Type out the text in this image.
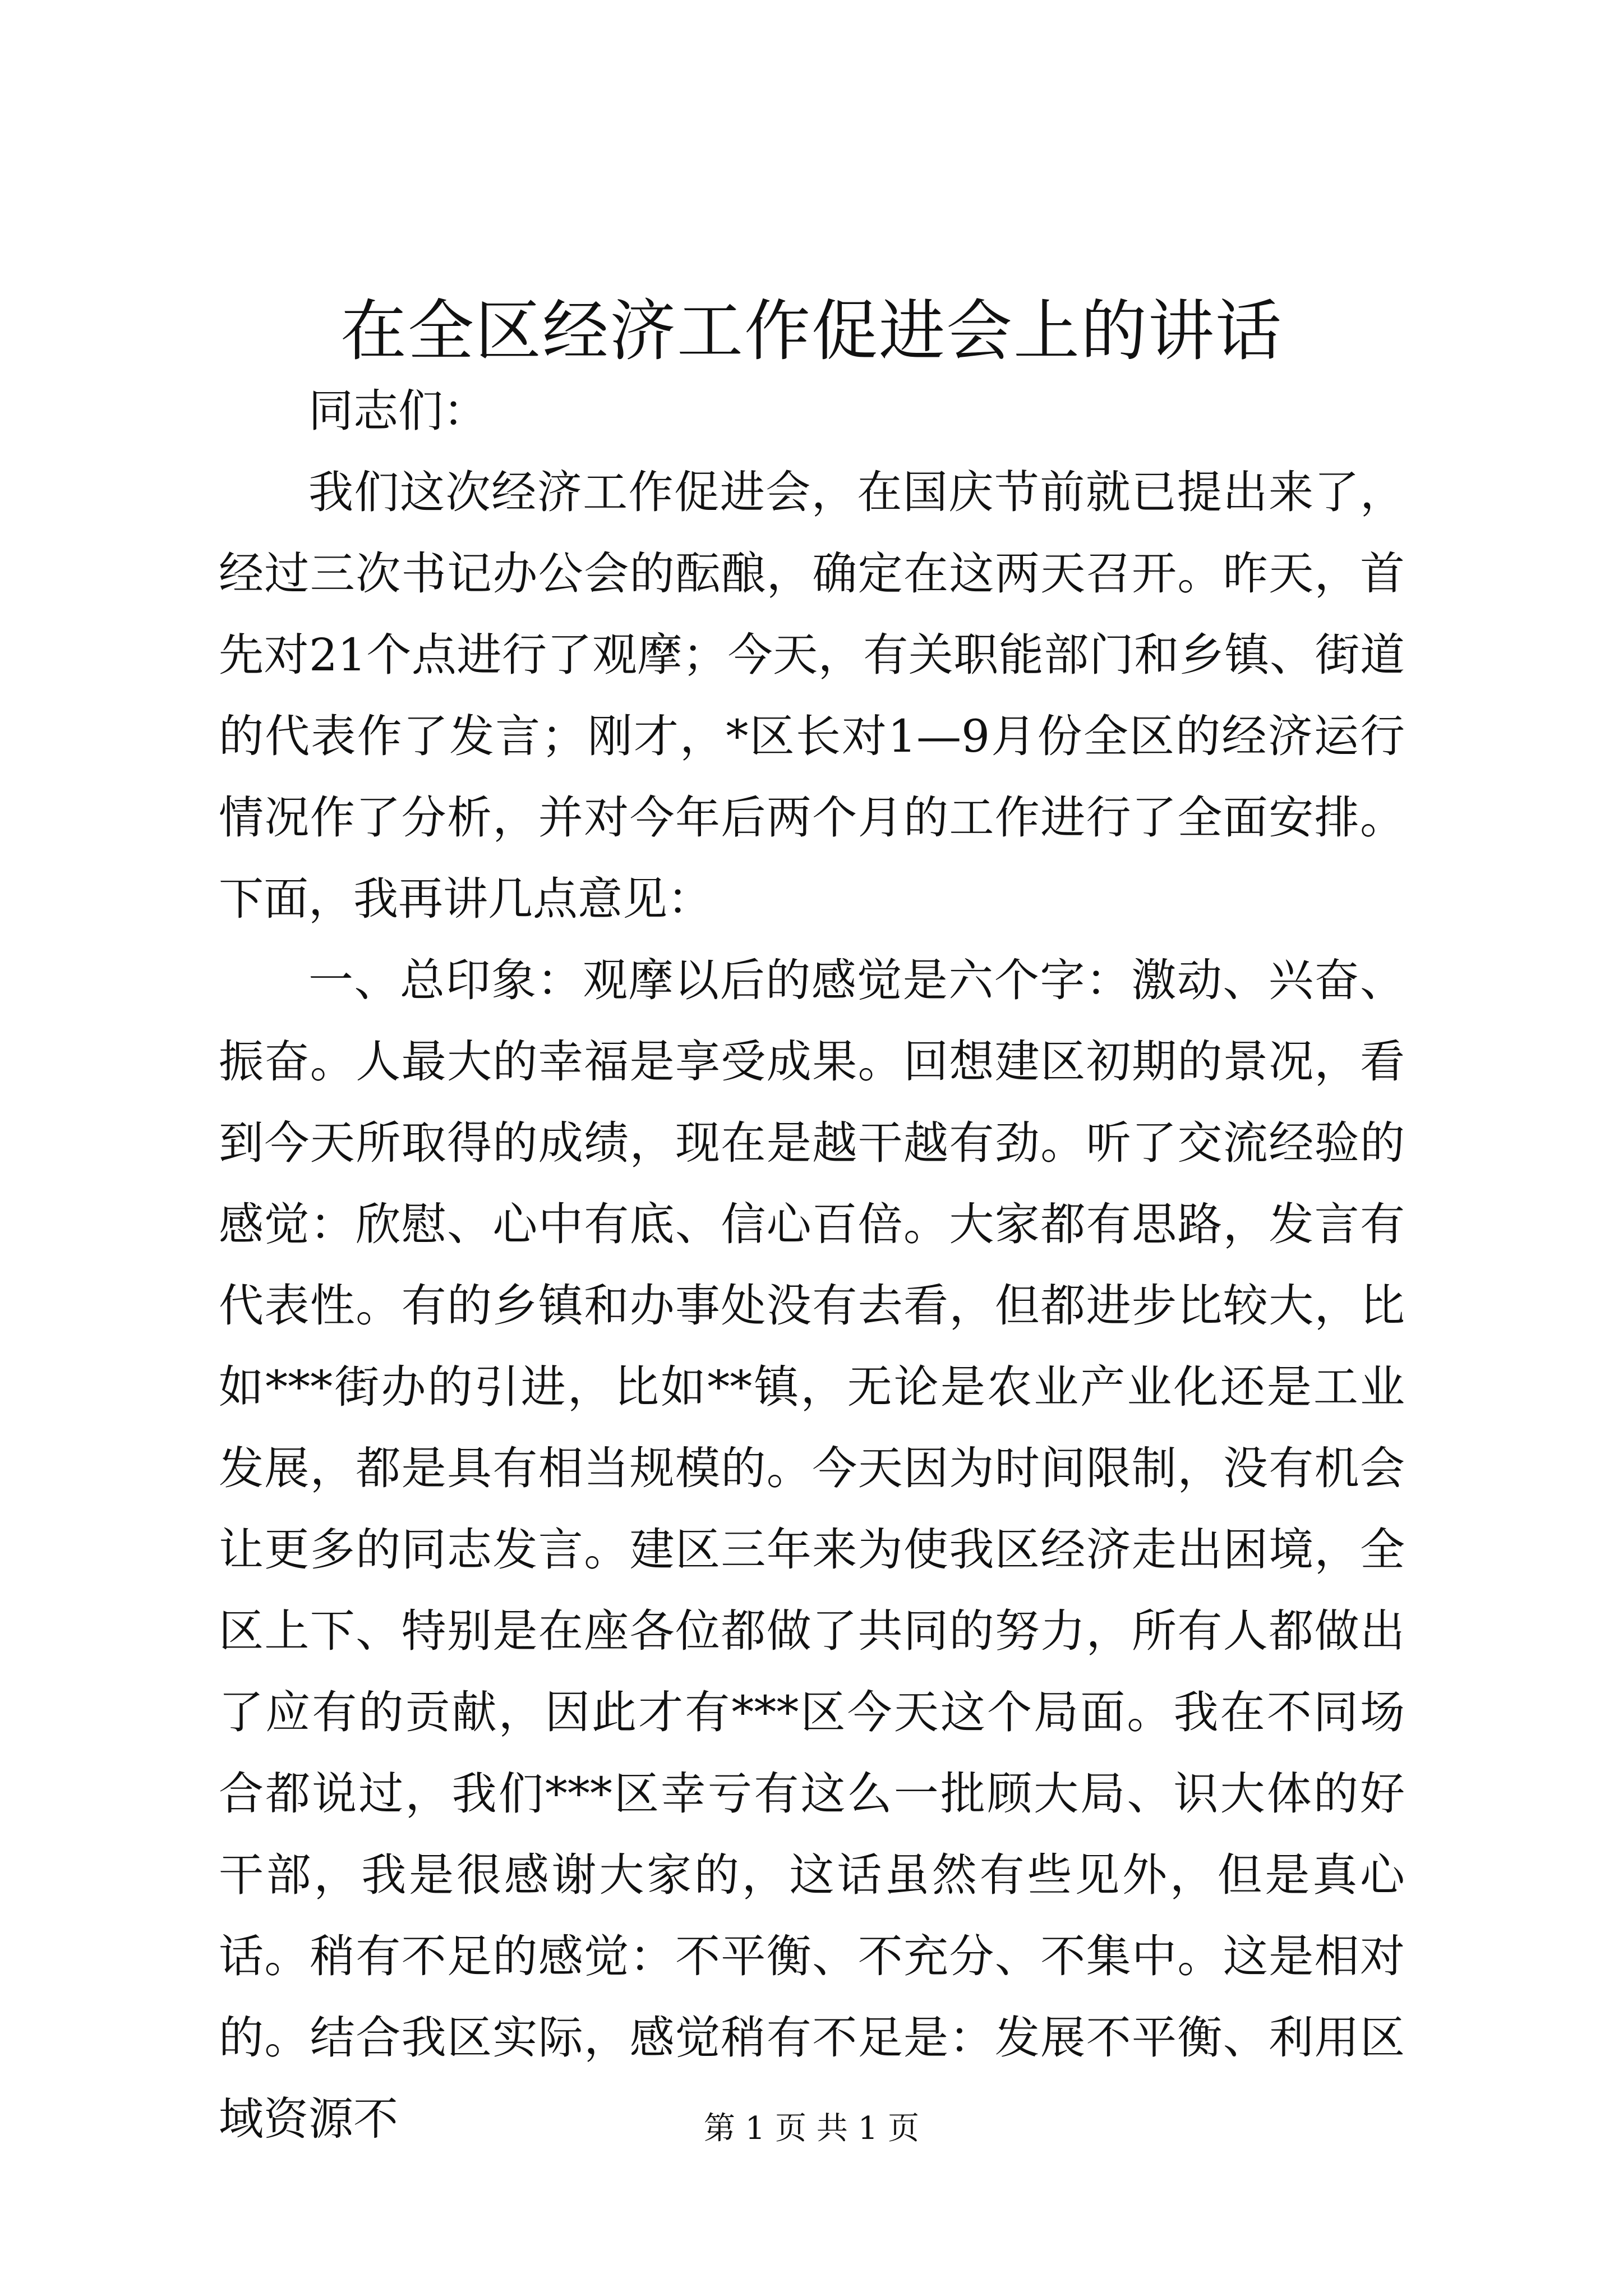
在全区经济工作促进会上的讲话

同志们：

我们这次经济工作促进会，在国庆节前就已提出来了，经过三次书记办公会的酝酿，确定在这两天召开。昨天，首先对21个点进行了观摩；今天，有关职能部门和乡镇、街道的代表作了发言；刚才，*区长对1—9月份全区的经济运行情况作了分析，并对今年后两个月的工作进行了全面安排。下面，我再讲几点意见：

一、总印象：观摩以后的感觉是六个字：激动、兴奋、振奋。人最大的幸福是享受成果。回想建区初期的景况，看到今天所取得的成绩，现在是越干越有劲。听了交流经验的感觉：欣慰、心中有底、信心百倍。大家都有思路，发言有代表性。有的乡镇和办事处没有去看，但都进步比较大，比如***街办的引进，比如**镇，无论是农业产业化还是工业发展，都是具有相当规模的。今天因为时间限制，没有机会让更多的同志发言。建区三年来为使我区经济走出困境，全区上下、特别是在座各位都做了共同的努力，所有人都做出了应有的贡献，因此才有***区今天这个局面。我在不同场合都说过，我们***区幸亏有这么一批顾大局、识大体的好干部，我是很感谢大家的，这话虽然有些见外，但是真心话。稍有不足的感觉：不平衡、不充分、不集中。这是相对的。结合我区实际，感觉稍有不足是：发展不平衡、利用区域资源不	第 1 页 共 1 页
